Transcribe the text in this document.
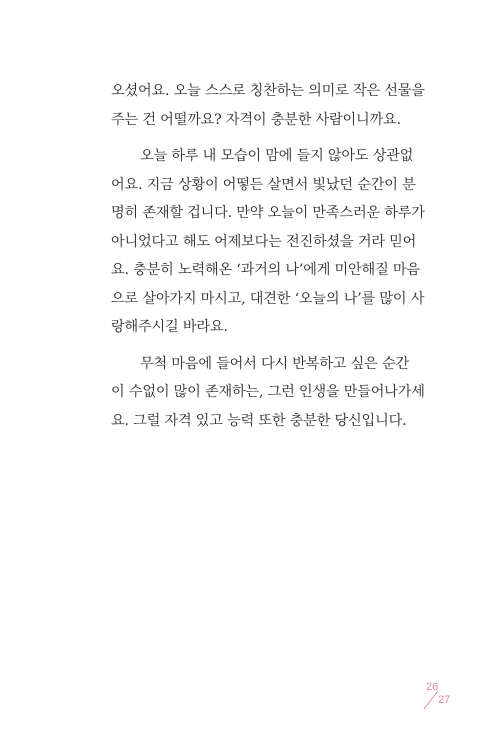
오셨어요. 오늘 스스로 칭찬하는 의미로 작은 선물을
주는 건 어떨까요? 자격이 충분한 사람이니까요.
오늘 하루 내 모습이 맘에 들지 않아도 상관없
어요. 지금 상황이 어떻든 살면서 빛났던 순간이 분
명히 존재할 겁니다. 만약 오늘이 만족스러운 하루가
아니었다고 해도 어제보다는 전진하셨을 거라 믿어
요. 충분히 노력해온 ‘과거의 나’에게 미안해질 마음
으로 살아가지 마시고, 대견한 ‘오늘의 나’를 많이 사
랑해주시길 바라요.
무척 마음에 들어서 다시 반복하고 싶은 순간
이 수없이 많이 존재하는, 그런 인생을 만들어나가세
요. 그럴 자격 있고 능력 또한 충분한 당신입니다.
26
27
